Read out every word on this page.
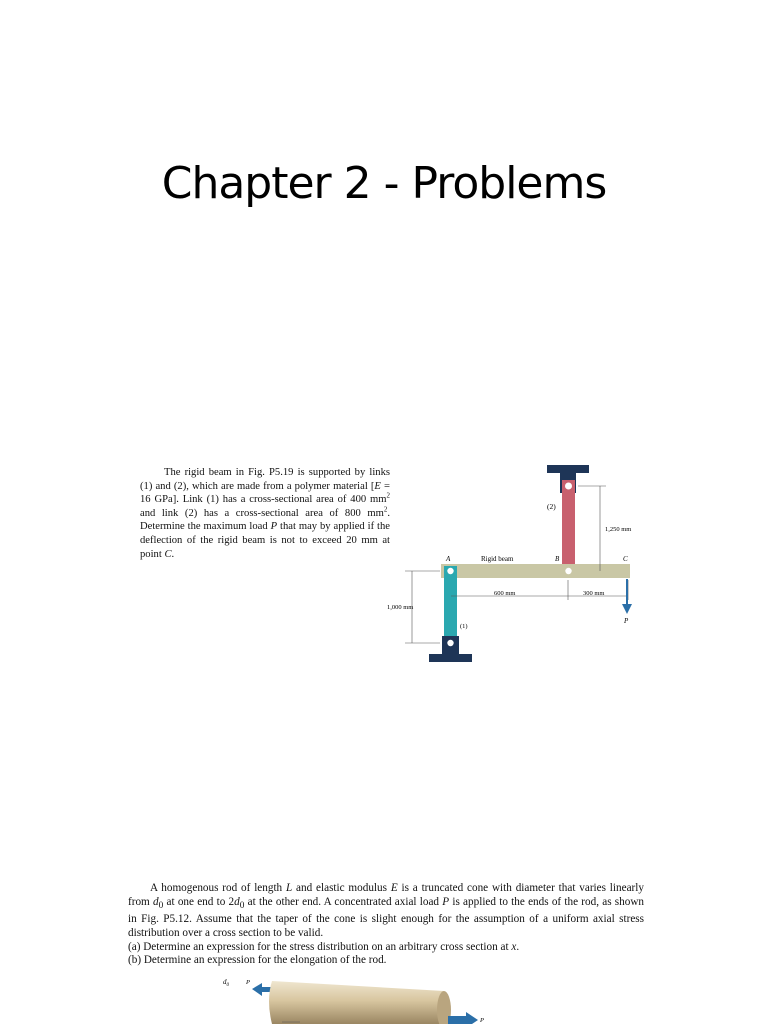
Chapter 2 - Problems
The rigid beam in Fig. P5.19 is supported by links (1) and (2), which are made from a polymer material [E = 16 GPa]. Link (1) has a cross-sectional area of 400 $mm^2$ and link (2) has a cross-sectional area of 800 $mm^2$. Determine the maximum load P that may by applied if the deflection of the rigid beam is not to exceed 20 mm at point C.
(2)
1,250 mm
A	Rigid beam	B	C
600 mm	300 mm
1,000 mm
(1)
P
A homogenous rod of length L and elastic modulus E is a truncated cone with diameter that varies linearly from $d_0$ at one end to $2d_0$ at the other end. A concentrated axial load P is applied to the ends of the rod, as shown in Fig. P5.12. Assume that the taper of the cone is slight enough for the assumption of a uniform axial stress distribution over a cross section to be valid.
(a) Determine an expression for the stress distribution on an arbitrary cross section at x.
(b) Determine an expression for the elongation of the rod.
$d_0$	P
P
